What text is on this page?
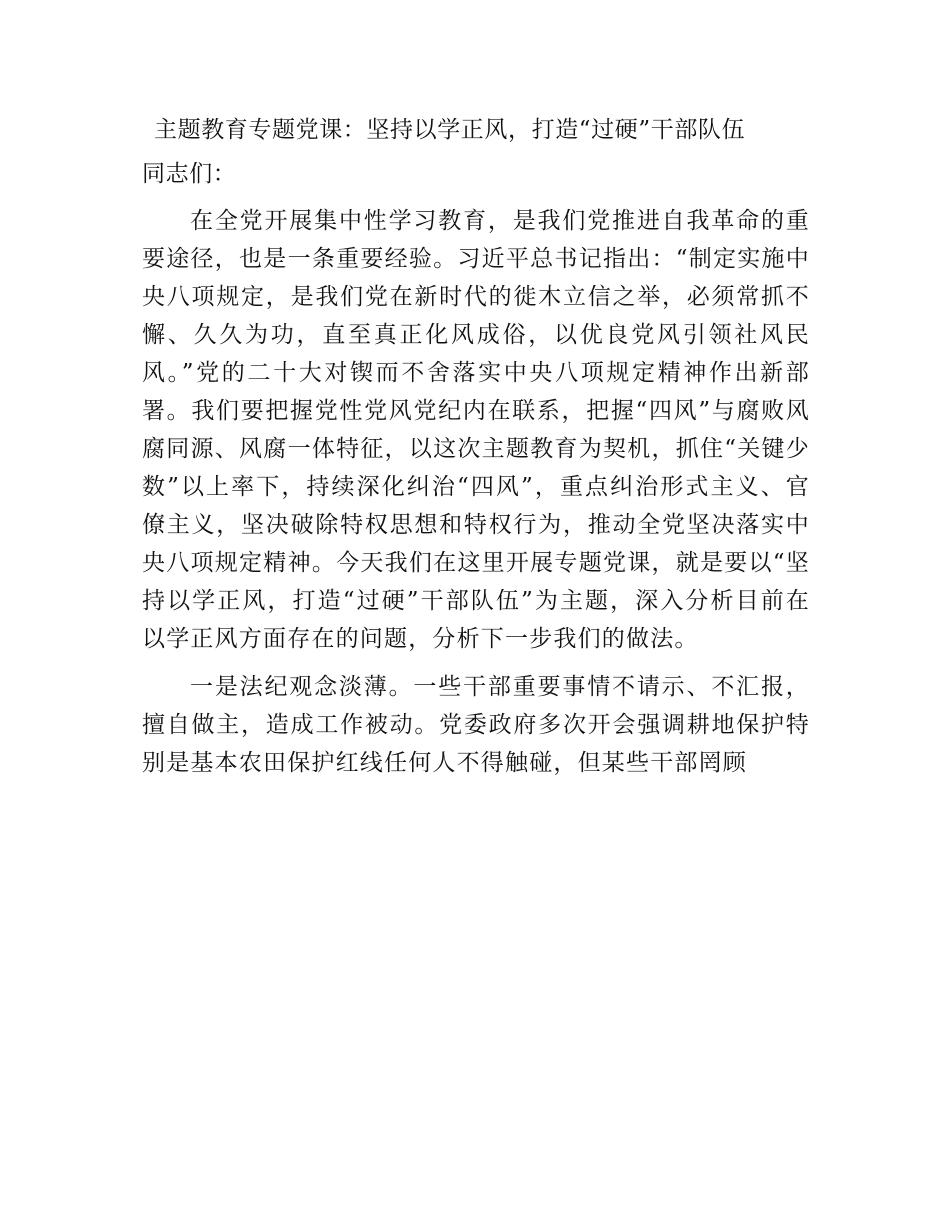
主题教育专题党课：坚持以学正风，打造“过硬”干部队伍

同志们：

在全党开展集中性学习教育，是我们党推进自我革命的重要途径，也是一条重要经验。习近平总书记指出：“制定实施中央八项规定，是我们党在新时代的徙木立信之举，必须常抓不懈、久久为功，直至真正化风成俗，以优良党风引领社风民风。”党的二十大对锲而不舍落实中央八项规定精神作出新部署。我们要把握党性党风党纪内在联系，把握“四风”与腐败风腐同源、风腐一体特征，以这次主题教育为契机，抓住“关键少数”以上率下，持续深化纠治“四风”，重点纠治形式主义、官僚主义，坚决破除特权思想和特权行为，推动全党坚决落实中央八项规定精神。今天我们在这里开展专题党课，就是要以“坚持以学正风，打造“过硬”干部队伍”为主题，深入分析目前在以学正风方面存在的问题，分析下一步我们的做法。

一是法纪观念淡薄。一些干部重要事情不请示、不汇报，擅自做主，造成工作被动。党委政府多次开会强调耕地保护特别是基本农田保护红线任何人不得触碰，但某些干部罔顾
